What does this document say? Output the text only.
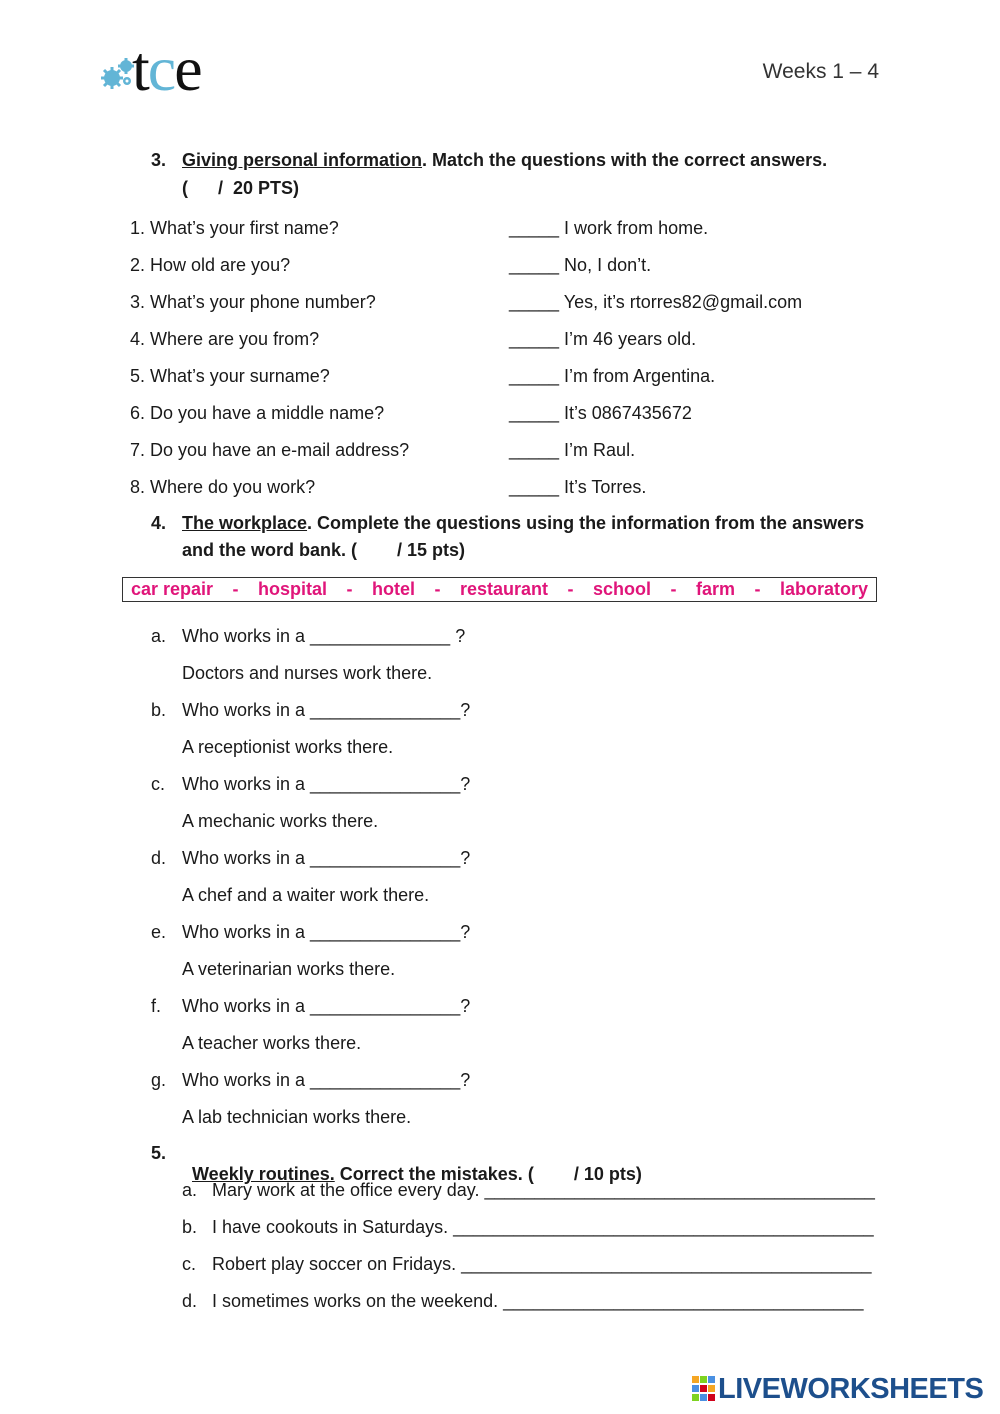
tce	Weeks 1 – 4
3. Giving personal information. Match the questions with the correct answers.
(      /  20 PTS)
1. What’s your first name?
2. How old are you?
3. What’s your phone number?
4. Where are you from?
5. What’s your surname?
6. Do you have a middle name?
7. Do you have an e-mail address?
8. Where do you work?
_____ I work from home.
_____ No, I don’t.
_____ Yes, it’s rtorres82@gmail.com
_____ I’m 46 years old.
_____ I’m from Argentina.
_____ It’s 0867435672
_____ I’m Raul.
_____ It’s Torres.
4. The workplace. Complete the questions using the information from the answers
and the word bank. (        / 15 pts)
car repair - hospital - hotel - restaurant - school - farm - laboratory
a. Who works in a ______________ ?
Doctors and nurses work there.
b. Who works in a _______________?
A receptionist works there.
c. Who works in a _______________?
A mechanic works there.
d. Who works in a _______________?
A chef and a waiter work there.
e. Who works in a _______________?
A veterinarian works there.
f. Who works in a _______________?
A teacher works there.
g. Who works in a _______________?
A lab technician works there.
5.

Weekly routines. Correct the mistakes. (        / 10 pts)

a. Mary work at the office every day. _______________________________________
b. I have cookouts in Saturdays. __________________________________________
c. Robert play soccer on Fridays. _________________________________________
d. I sometimes works on the weekend. ____________________________________
LIVEWORKSHEETS
